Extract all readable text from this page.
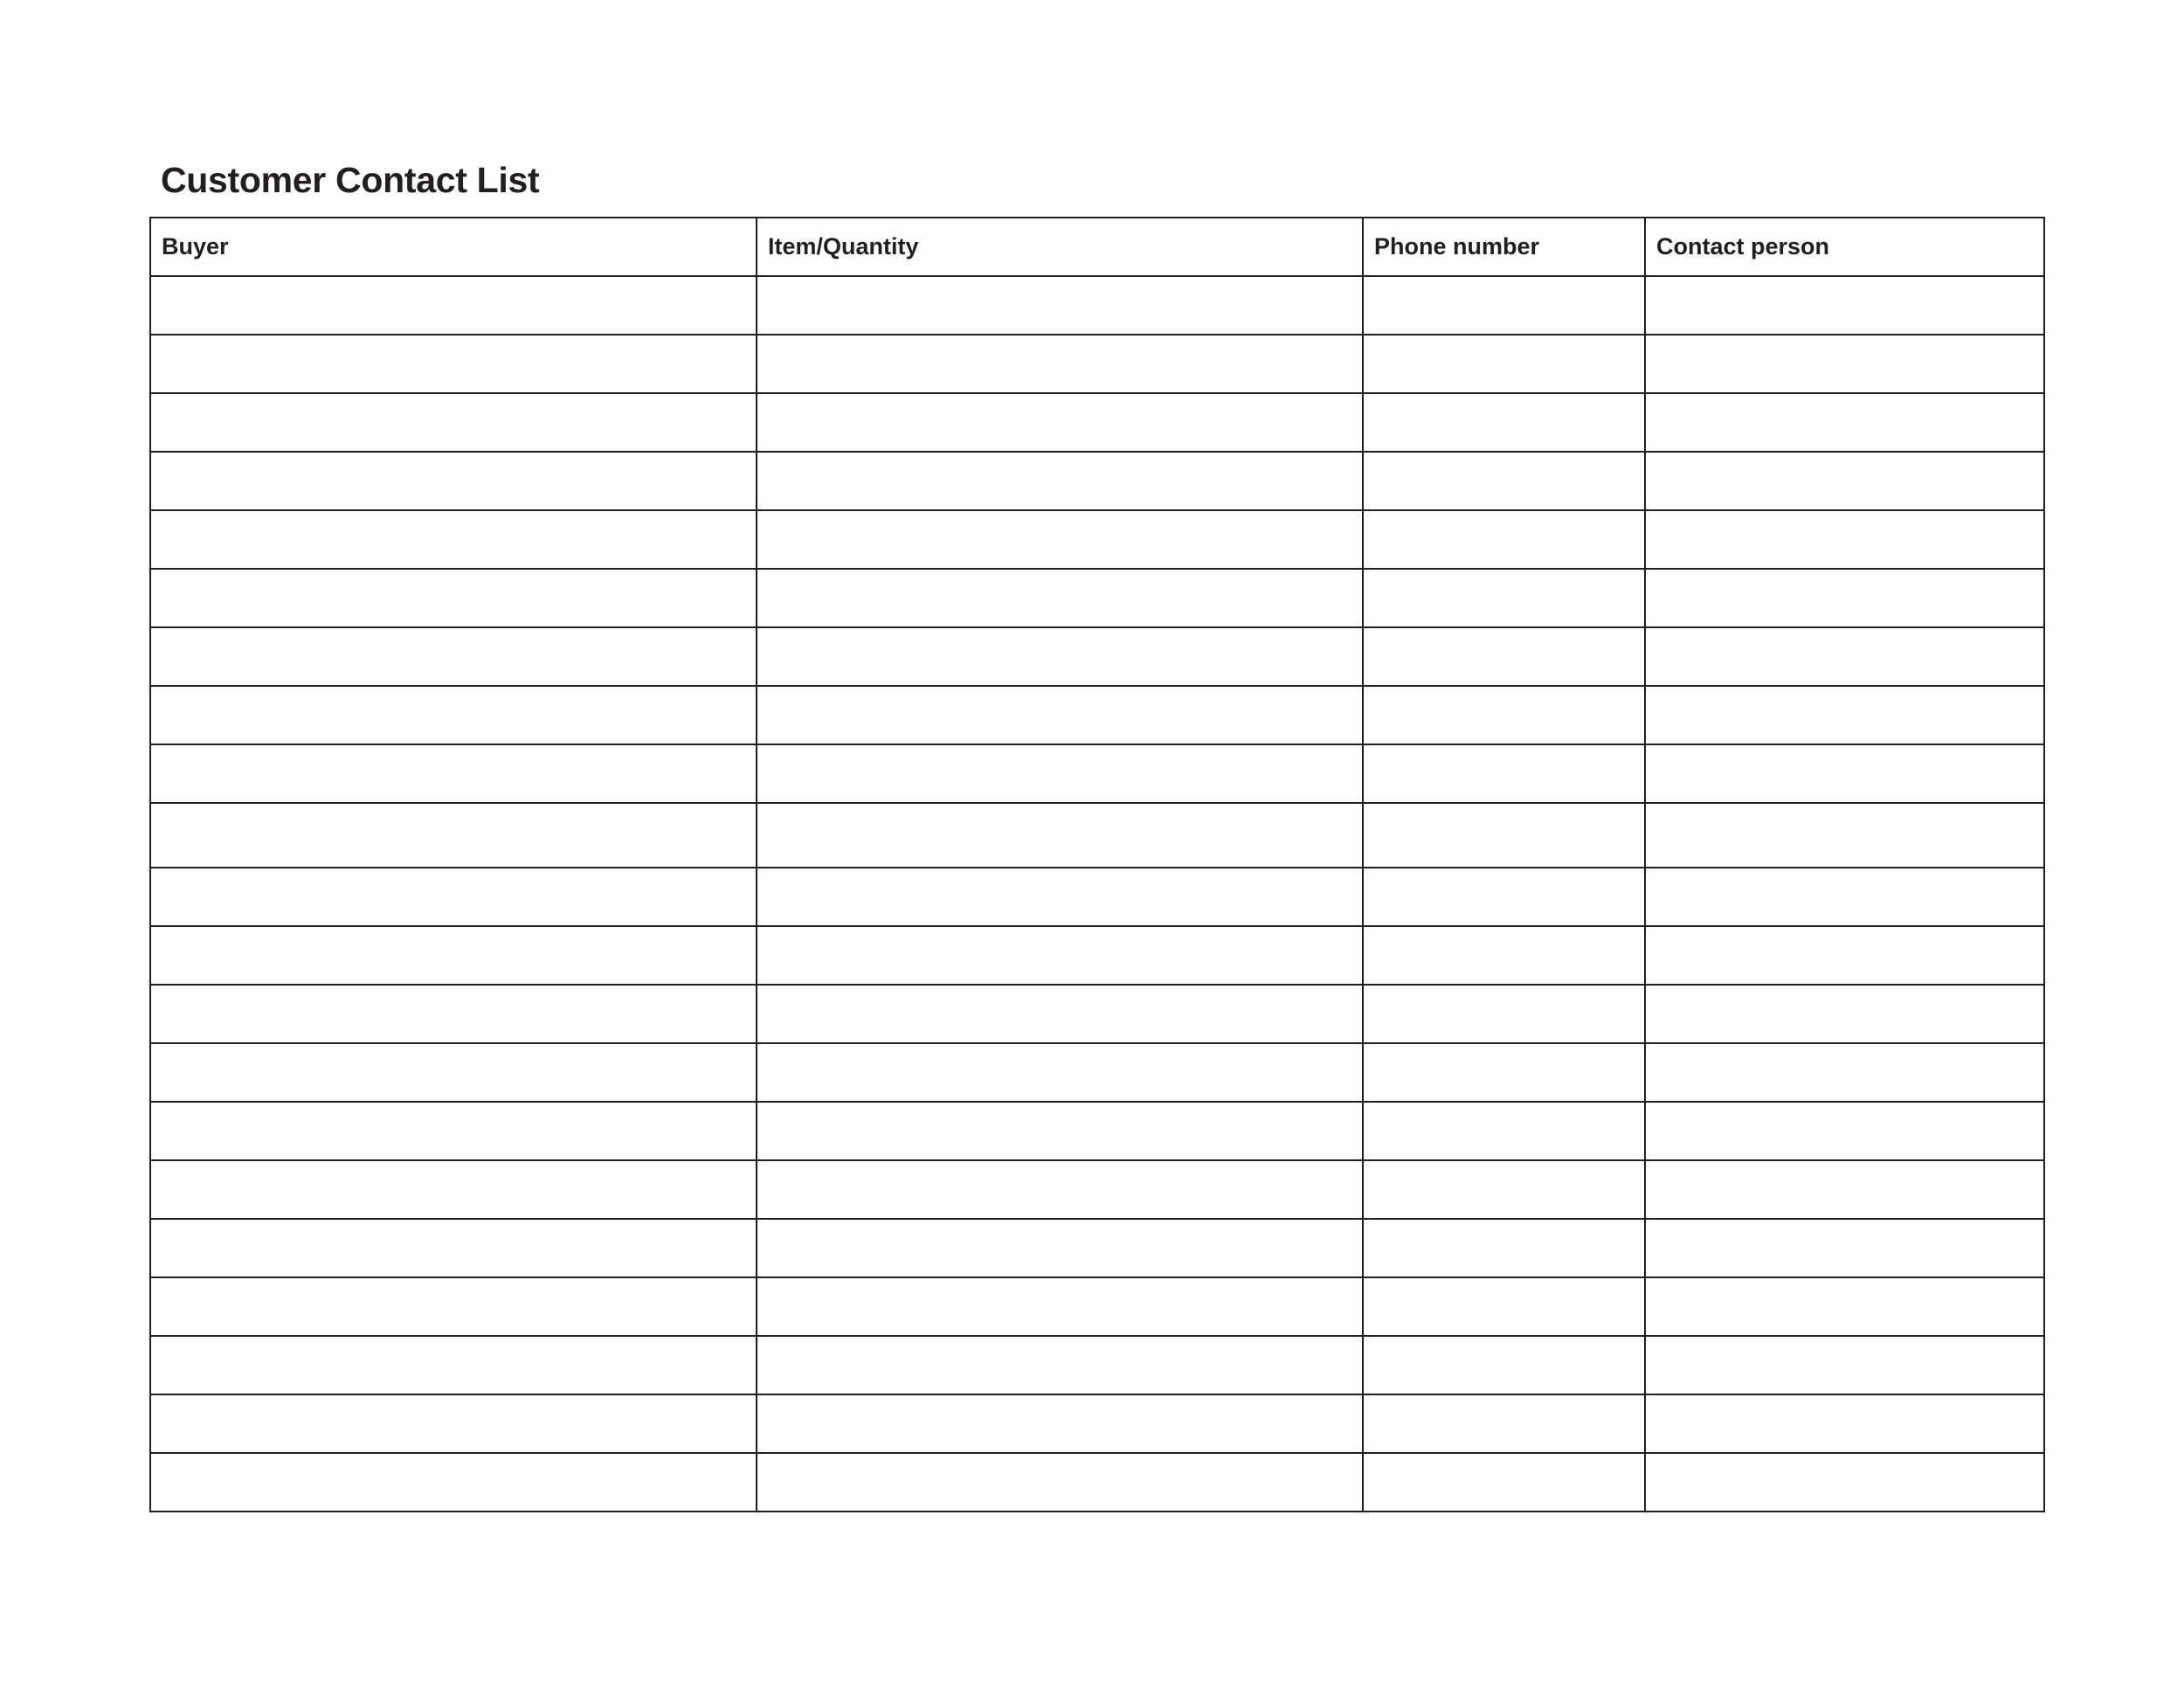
Customer Contact List
Buyer	Item/Quantity	Phone number	Contact person
